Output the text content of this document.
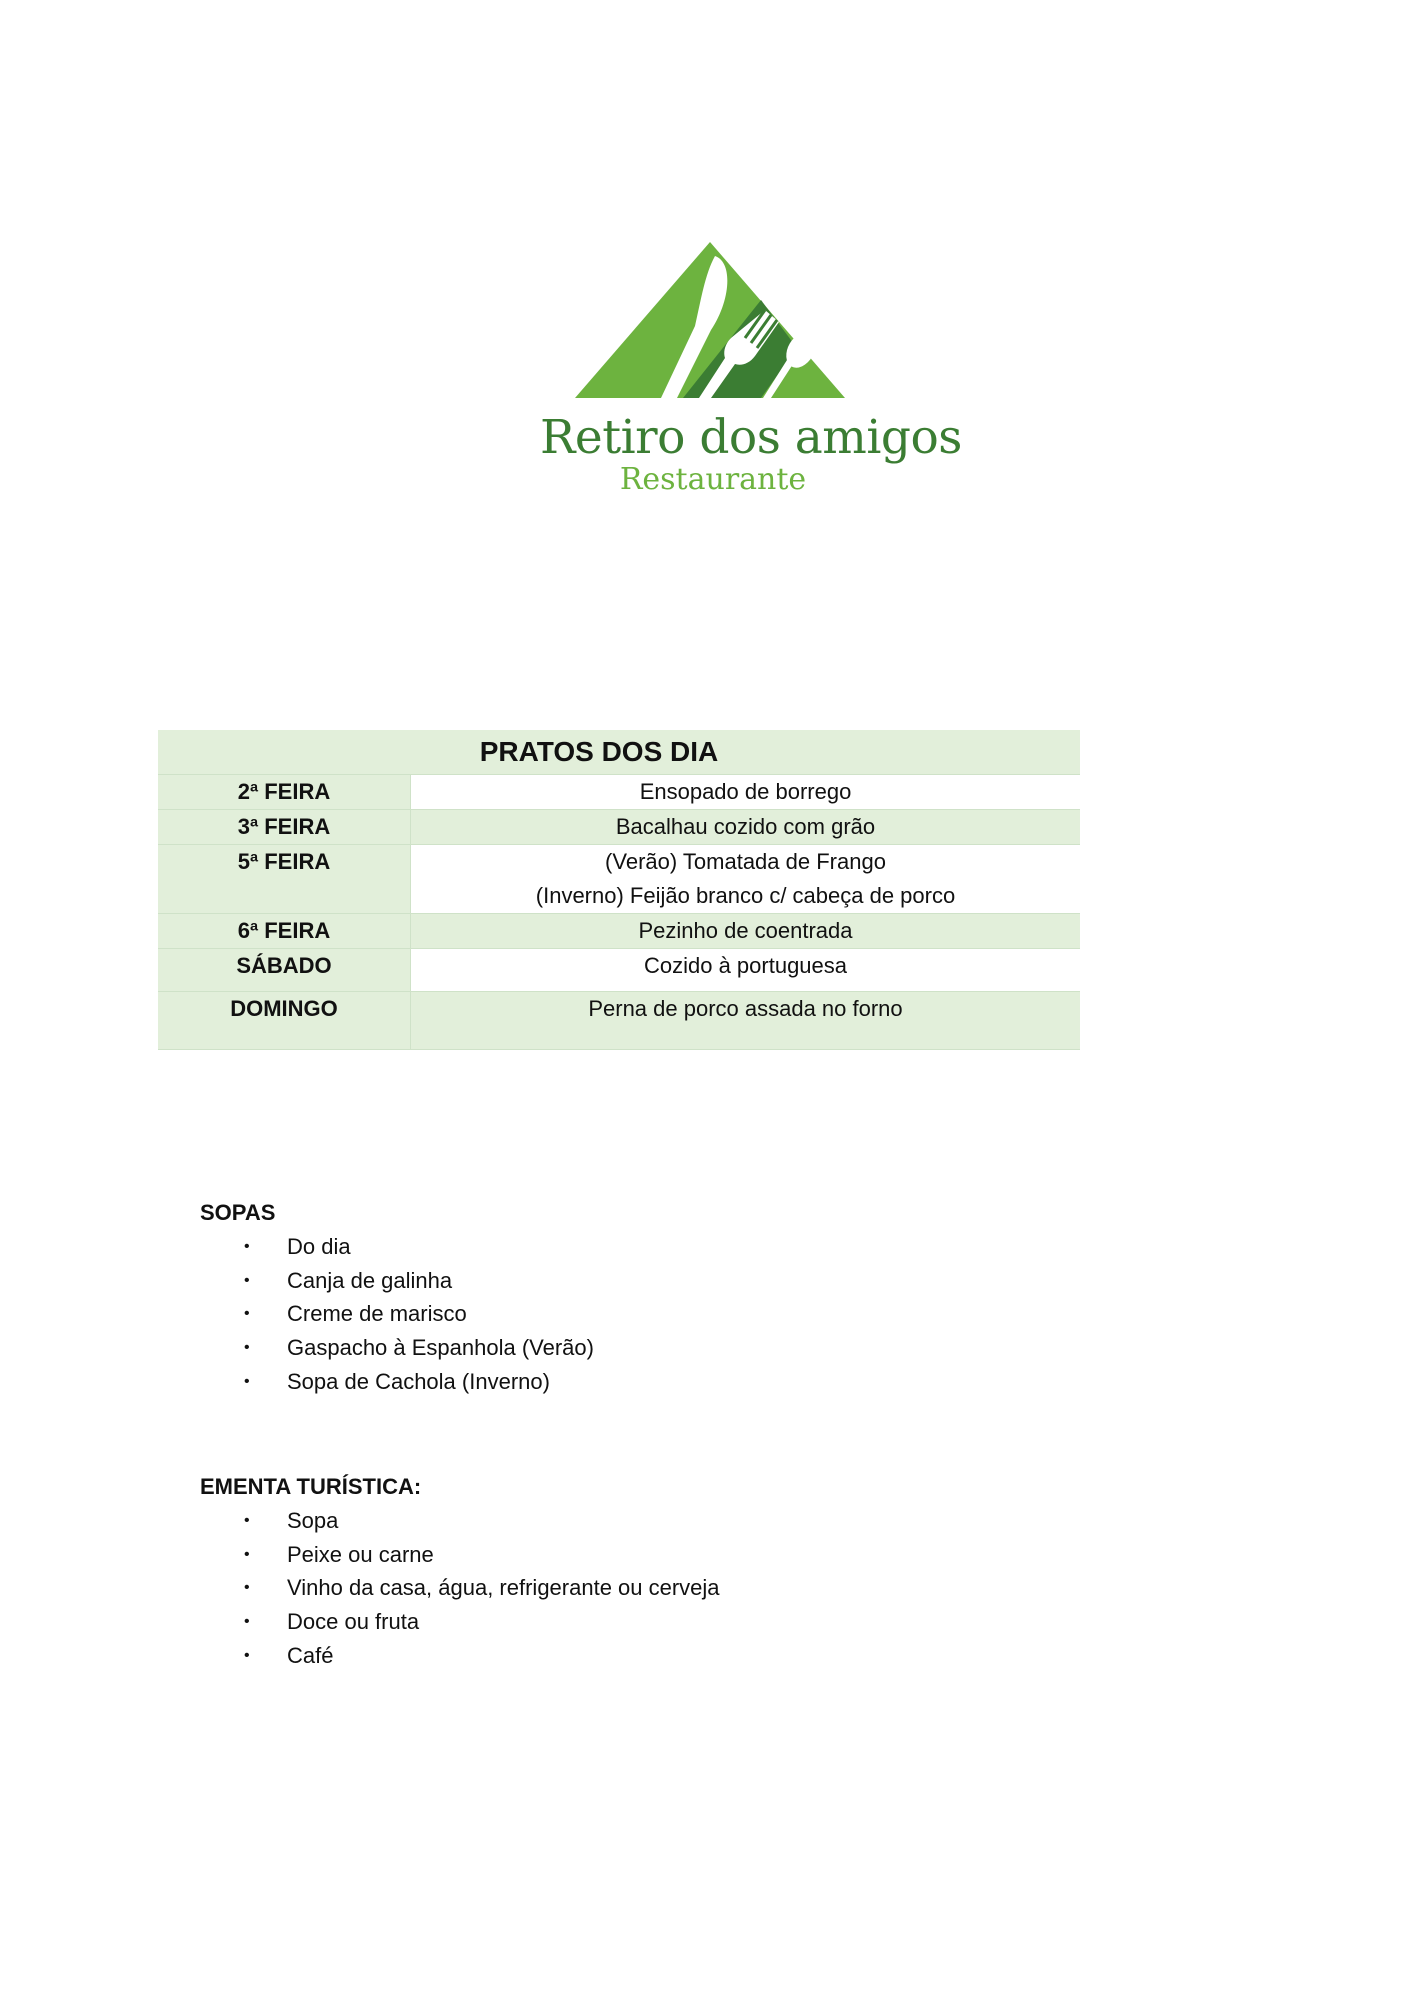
Retiro dos amigos
Restaurante
PRATOS DOS DIA	
2ª FEIRA	Ensopado de borrego

3ª FEIRA	Bacalhau cozido com grão

5ª FEIRA	(Verão) Tomatada de Frango
(Inverno) Feijão branco c/ cabeça de porco

6ª FEIRA	Pezinho de coentrada

SÁBADO	Cozido à portuguesa

DOMINGO	Perna de porco assada no forno

SOPAS

• Do dia
• Canja de galinha
• Creme de marisco
• Gaspacho à Espanhola (Verão)
• Sopa de Cachola (Inverno)

EMENTA TURÍSTICA:

• Sopa
• Peixe ou carne
• Vinho da casa, água, refrigerante ou cerveja
• Doce ou fruta
• Café
